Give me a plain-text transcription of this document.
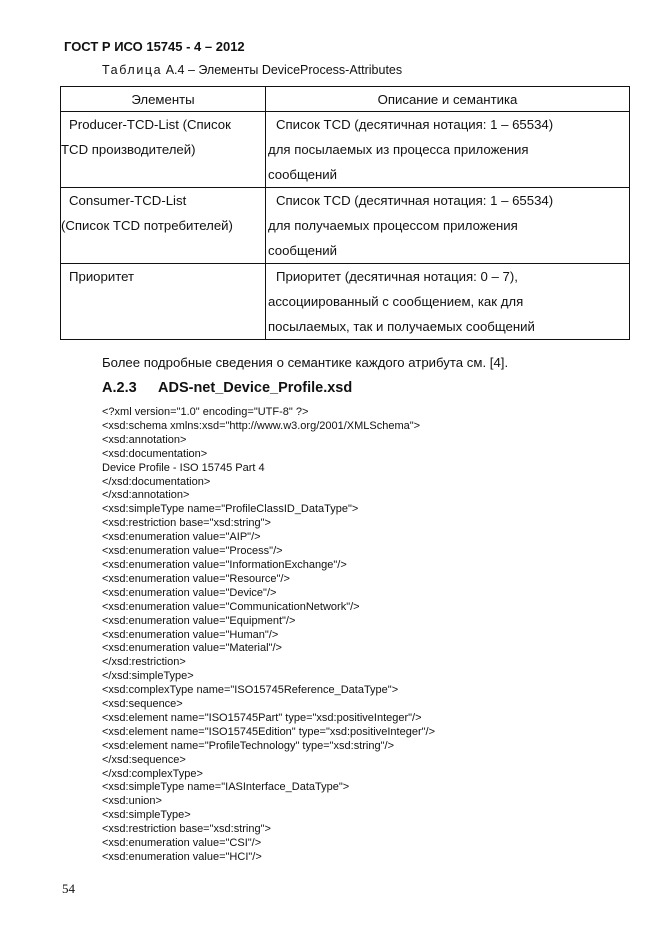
ГОСТ Р ИСО 15745 - 4 – 2012
Таблица А.4 – Элементы DeviceProcess-Attributes
Элементы	Описание и семантика

Producer-TCD-List (Список
TCD производителей)	Список TCD (десятичная нотация: 1 – 65534)
для посылаемых из процесса приложения
сообщений

Consumer-TCD-List
(Список TCD потребителей)	Список TCD (десятичная нотация: 1 – 65534)
для получаемых процессом приложения
сообщений

Приоритет	Приоритет (десятичная нотация: 0 – 7),
ассоциированный с сообщением, как для
посылаемых, так и получаемых сообщений
Более подробные сведения о семантике каждого атрибута см. [4].
A.2.3 ADS-net_Device_Profile.xsd
<?xml version="1.0" encoding="UTF-8" ?>
<xsd:schema xmlns:xsd="http://www.w3.org/2001/XMLSchema">
<xsd:annotation>
<xsd:documentation>
Device Profile - ISO 15745 Part 4
</xsd:documentation>
</xsd:annotation>
<xsd:simpleType name="ProfileClassID_DataType">
<xsd:restriction base="xsd:string">
<xsd:enumeration value="AIP"/>
<xsd:enumeration value="Process"/>
<xsd:enumeration value="InformationExchange"/>
<xsd:enumeration value="Resource"/>
<xsd:enumeration value="Device"/>
<xsd:enumeration value="CommunicationNetwork"/>
<xsd:enumeration value="Equipment"/>
<xsd:enumeration value="Human"/>
<xsd:enumeration value="Material"/>
</xsd:restriction>
</xsd:simpleType>
<xsd:complexType name="ISO15745Reference_DataType">
<xsd:sequence>
<xsd:element name="ISO15745Part" type="xsd:positiveInteger"/>
<xsd:element name="ISO15745Edition" type="xsd:positiveInteger"/>
<xsd:element name="ProfileTechnology" type="xsd:string"/>
</xsd:sequence>
</xsd:complexType>
<xsd:simpleType name="IASInterface_DataType">
<xsd:union>
<xsd:simpleType>
<xsd:restriction base="xsd:string">
<xsd:enumeration value="CSI"/>
<xsd:enumeration value="HCI"/>
54
